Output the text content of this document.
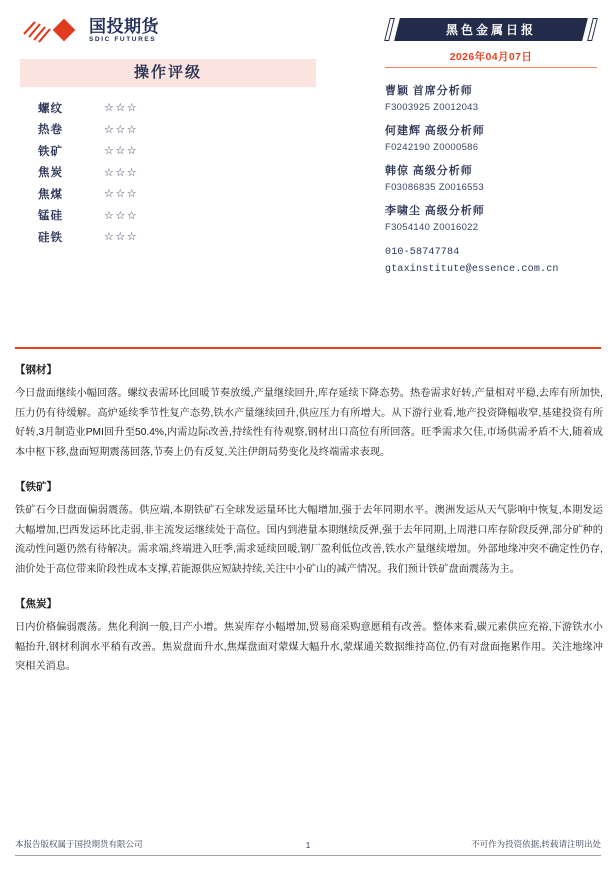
国投期货
SDIC FUTURES
操作评级
螺纹	☆☆☆
热卷	☆☆☆
铁矿	☆☆☆
焦炭	☆☆☆
焦煤	☆☆☆
锰硅	☆☆☆
硅铁	☆☆☆
黑色金属日报
2026年04月07日
曹颖 首席分析师
F3003925 Z0012043
何建辉 高级分析师
F0242190 Z0000586
韩倞 高级分析师
F03086835 Z0016553
李啸尘 高级分析师
F3054140 Z0016022
010-58747784
gtaxinstitute@essence.com.cn
【钢材】
今日盘面继续小幅回落。螺纹表需环比回暖节奏放缓,产量继续回升,库存延续下降态势。热卷需求好转,产量相对平稳,去库有所加快,压力仍有待缓解。高炉延续季节性复产态势,铁水产量继续回升,供应压力有所增大。从下游行业看,地产投资降幅收窄,基建投资有所好转,3月制造业PMI回升至50.4%,内需边际改善,持续性有待观察,钢材出口高位有所回落。旺季需求欠佳,市场供需矛盾不大,随着成本中枢下移,盘面短期震荡回落,节奏上仍有反复,关注伊朗局势变化及终端需求表现。
【铁矿】
铁矿石今日盘面偏弱震荡。供应端,本期铁矿石全球发运量环比大幅增加,强于去年同期水平。澳洲发运从天气影响中恢复,本期发运大幅增加,巴西发运环比走弱,非主流发运继续处于高位。国内到港量本期继续反弹,强于去年同期,上周港口库存阶段反弹,部分矿种的流动性问题仍然有待解决。需求端,终端进入旺季,需求延续回暖,钢厂盈利低位改善,铁水产量继续增加。外部地缘冲突不确定性仍存,油价处于高位带来阶段性成本支撑,若能源供应短缺持续,关注中小矿山的减产情况。我们预计铁矿盘面震荡为主。
【焦炭】
日内价格偏弱震荡。焦化利润一般,日产小增。焦炭库存小幅增加,贸易商采购意愿稍有改善。整体来看,碳元素供应充裕,下游铁水小幅抬升,钢材利润水平稍有改善。焦炭盘面升水,焦煤盘面对蒙煤大幅升水,蒙煤通关数据维持高位,仍有对盘面拖累作用。关注地缘冲突相关消息。
本报告版权属于国投期货有限公司	1	不可作为投资依据,转载请注明出处
